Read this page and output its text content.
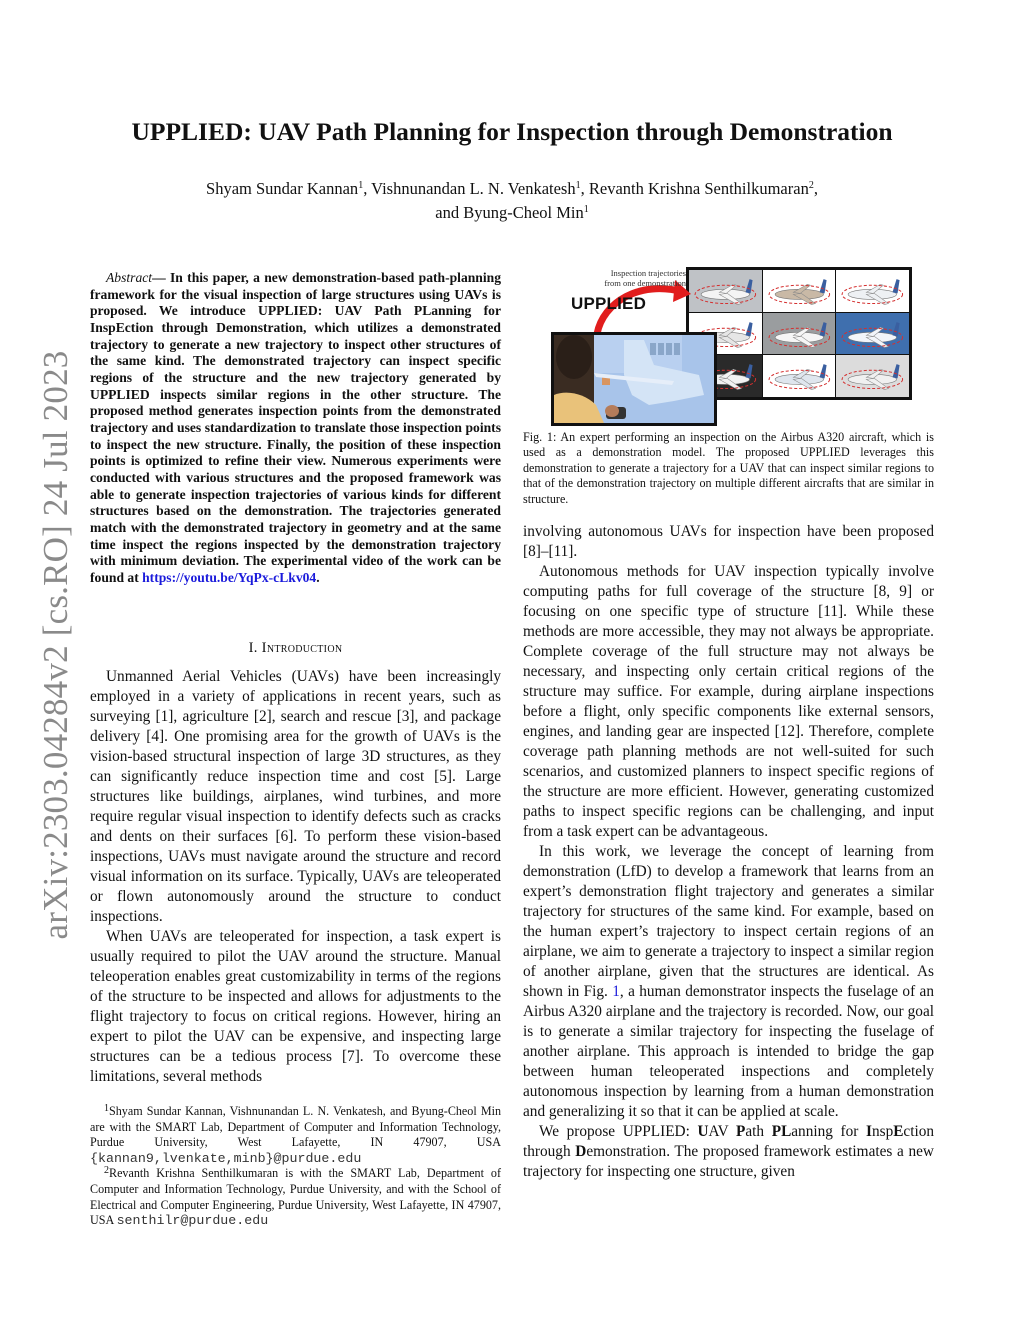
arXiv:2303.04284v2 [cs.RO] 24 Jul 2023
UPPLIED: UAV Path Planning for Inspection through Demonstration
Shyam Sundar Kannan$^1$, Vishnunandan L. N. Venkatesh$^1$, Revanth Krishna Senthilkumaran$^2$,
and Byung-Cheol Min$^1$
Abstract— In this paper, a new demonstration-based path-planning framework for the visual inspection of large structures using UAVs is proposed. We introduce UPPLIED: UAV Path PLanning for InspEction through Demonstration, which utilizes a demonstrated trajectory to generate a new trajectory to inspect other structures of the same kind. The demonstrated trajectory can inspect specific regions of the structure and the new trajectory generated by UPPLIED inspects similar regions in the other structure. The proposed method generates inspection points from the demonstrated trajectory and uses standardization to translate those inspection points to inspect the new structure. Finally, the position of these inspection points is optimized to refine their view. Numerous experiments were conducted with various structures and the proposed framework was able to generate inspection trajectories of various kinds for different structures based on the demonstration. The trajectories generated match with the demonstrated trajectory in geometry and at the same time inspect the regions inspected by the demonstration trajectory with minimum deviation. The experimental video of the work can be found at https://youtu.be/YqPx-cLkv04.
I. Introduction

Unmanned Aerial Vehicles (UAVs) have been increasingly employed in a variety of applications in recent years, such as surveying [1], agriculture [2], search and rescue [3], and package delivery [4]. One promising area for the growth of UAVs is the vision-based structural inspection of large 3D structures, as they can significantly reduce inspection time and cost [5]. Large structures like buildings, airplanes, wind turbines, and more require regular visual inspection to identify defects such as cracks and dents on their surfaces [6]. To perform these vision-based inspections, UAVs must navigate around the structure and record visual information on its surface. Typically, UAVs are teleoperated or flown autonomously around the structure to conduct inspections.

When UAVs are teleoperated for inspection, a task expert is usually required to pilot the UAV around the structure. Manual teleoperation enables great customizability in terms of the regions of the structure to be inspected and allows for adjustments to the flight trajectory to focus on critical regions. However, hiring an expert to pilot the UAV can be expensive, and inspecting large structures can be a tedious process [7]. To overcome these limitations, several methods

$^1$Shyam Sundar Kannan, Vishnunandan L. N. Venkatesh, and Byung-Cheol Min are with the SMART Lab, Department of Computer and Information Technology, Purdue University, West Lafayette, IN 47907, USA {kannan9,lvenkate,minb}@purdue.edu

$^2$Revanth Krishna Senthilkumaran is with the SMART Lab, Department of Computer and Information Technology, Purdue University, and with the School of Electrical and Computer Engineering, Purdue University, West Lafayette, IN 47907, USA senthilr@purdue.edu

Inspection trajectories
from one demonstration
UPPLIED
Fig. 1: An expert performing an inspection on the Airbus A320 aircraft, which is used as a demonstration model. The proposed UPPLIED leverages this demonstration to generate a trajectory for a UAV that can inspect similar regions to that of the demonstration trajectory on multiple different aircrafts that are similar in structure.

involving autonomous UAVs for inspection have been proposed [8]–[11].

Autonomous methods for UAV inspection typically involve computing paths for full coverage of the structure [8, 9] or focusing on one specific type of structure [11]. While these methods are more accessible, they may not always be appropriate. Complete coverage of the full structure may not always be necessary, and inspecting only certain critical regions of the structure may suffice. For example, during airplane inspections before a flight, only specific components like external sensors, engines, and landing gear are inspected [12]. Therefore, complete coverage path planning methods are not well-suited for such scenarios, and customized planners to inspect specific regions of the structure are more efficient. However, generating customized paths to inspect specific regions can be challenging, and input from a task expert can be advantageous.

In this work, we leverage the concept of learning from demonstration (LfD) to develop a framework that learns from an expert’s demonstration flight trajectory and generates a similar trajectory for structures of the same kind. For example, based on the human expert’s trajectory to inspect certain regions of an airplane, we aim to generate a trajectory to inspect a similar region of another airplane, given that the structures are identical. As shown in Fig. 1, a human demonstrator inspects the fuselage of an Airbus A320 airplane and the trajectory is recorded. Now, our goal is to generate a similar trajectory for inspecting the fuselage of another airplane. This approach is intended to bridge the gap between human teleoperated inspections and completely autonomous inspection by learning from a human demonstration and generalizing it so that it can be applied at scale.

We propose UPPLIED: UAV Path PLanning for InspEction through Demonstration. The proposed framework estimates a new trajectory for inspecting one structure, given
